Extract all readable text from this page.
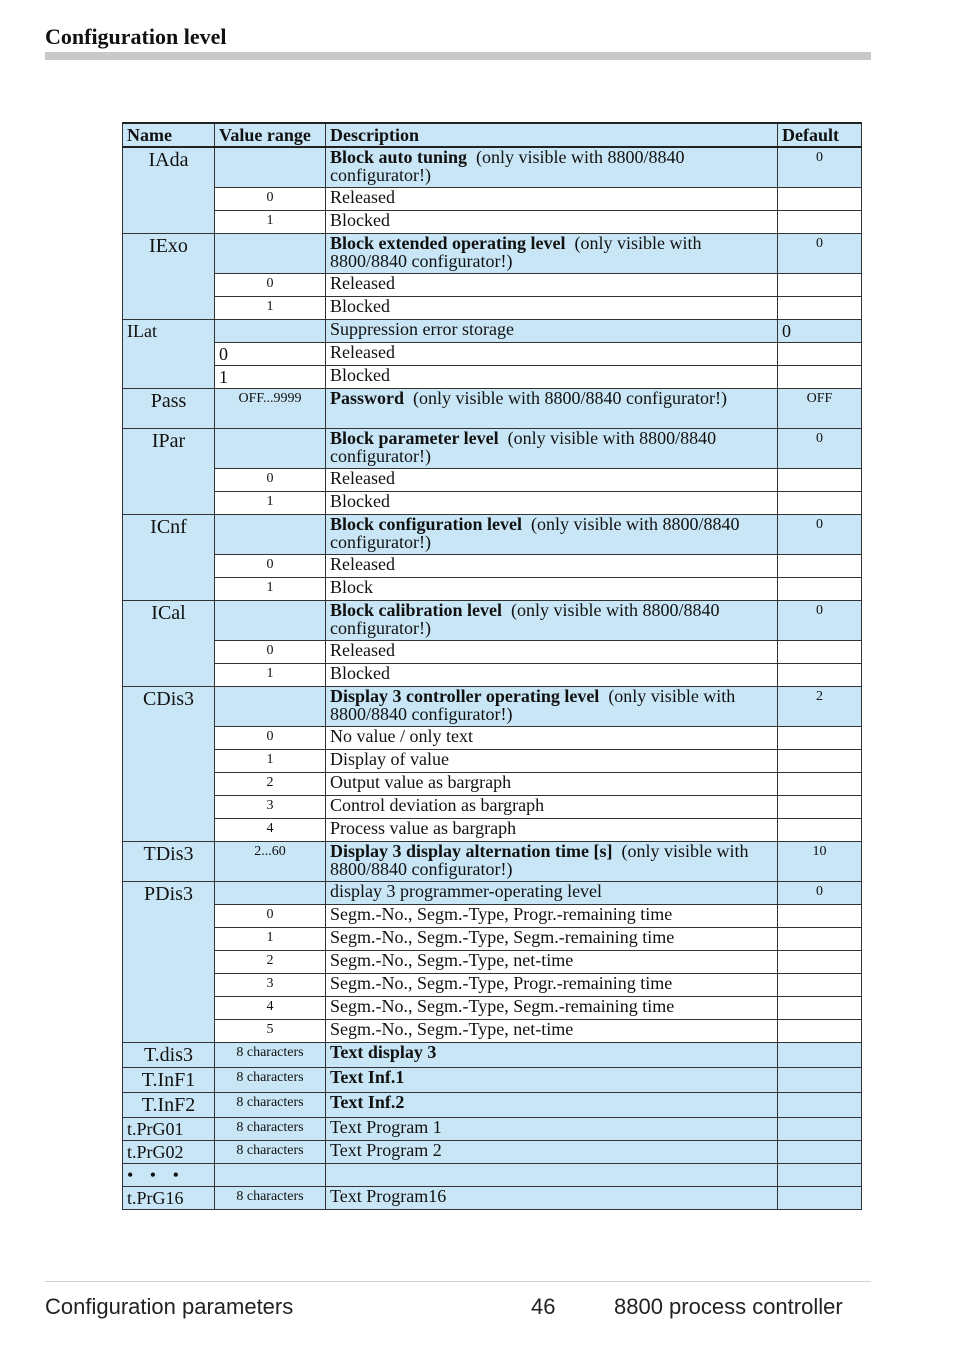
Configuration level
Name	Value range	Description	Default
IAda		Block auto tuning (only visible with 8800/8840 configurator!)	0
	0	Released	
	1	Blocked	
IExo		Block extended operating level (only visible with 8800/8840 configurator!)	0
	0	Released	
	1	Blocked	
ILat		Suppression error storage	0
	0	Released	
	1	Blocked	
Pass	OFF...9999	Password (only visible with 8800/8840 configurator!)	OFF
IPar		Block parameter level (only visible with 8800/8840 configurator!)	0
	0	Released	
	1	Blocked	
ICnf		Block configuration level (only visible with 8800/8840 configurator!)	0
	0	Released	
	1	Block	
ICal		Block calibration level (only visible with 8800/8840 configurator!)	0
	0	Released	
	1	Blocked	
CDis3		Display 3 controller operating level (only visible with 8800/8840 configurator!)	2
	0	No value / only text	
	1	Display of value	
	2	Output value as bargraph	
	3	Control deviation as bargraph	
	4	Process value as bargraph	
TDis3	2...60	Display 3 display alternation time [s] (only visible with 8800/8840 configurator!)	10
PDis3		display 3 programmer-operating level	0
	0	Segm.-No., Segm.-Type, Progr.-remaining time	
	1	Segm.-No., Segm.-Type, Segm.-remaining time	
	2	Segm.-No., Segm.-Type, net-time	
	3	Segm.-No., Segm.-Type, Progr.-remaining time	
	4	Segm.-No., Segm.-Type, Segm.-remaining time	
	5	Segm.-No., Segm.-Type, net-time	
T.dis3	8 characters	Text display 3	
T.InF1	8 characters	Text Inf.1	
T.InF2	8 characters	Text Inf.2	
t.PrG01	8 characters	Text Program 1	
t.PrG02	8 characters	Text Program 2	
• • •			
t.PrG16	8 characters	Text Program16	
Configuration parameters	46	8800 process controller
